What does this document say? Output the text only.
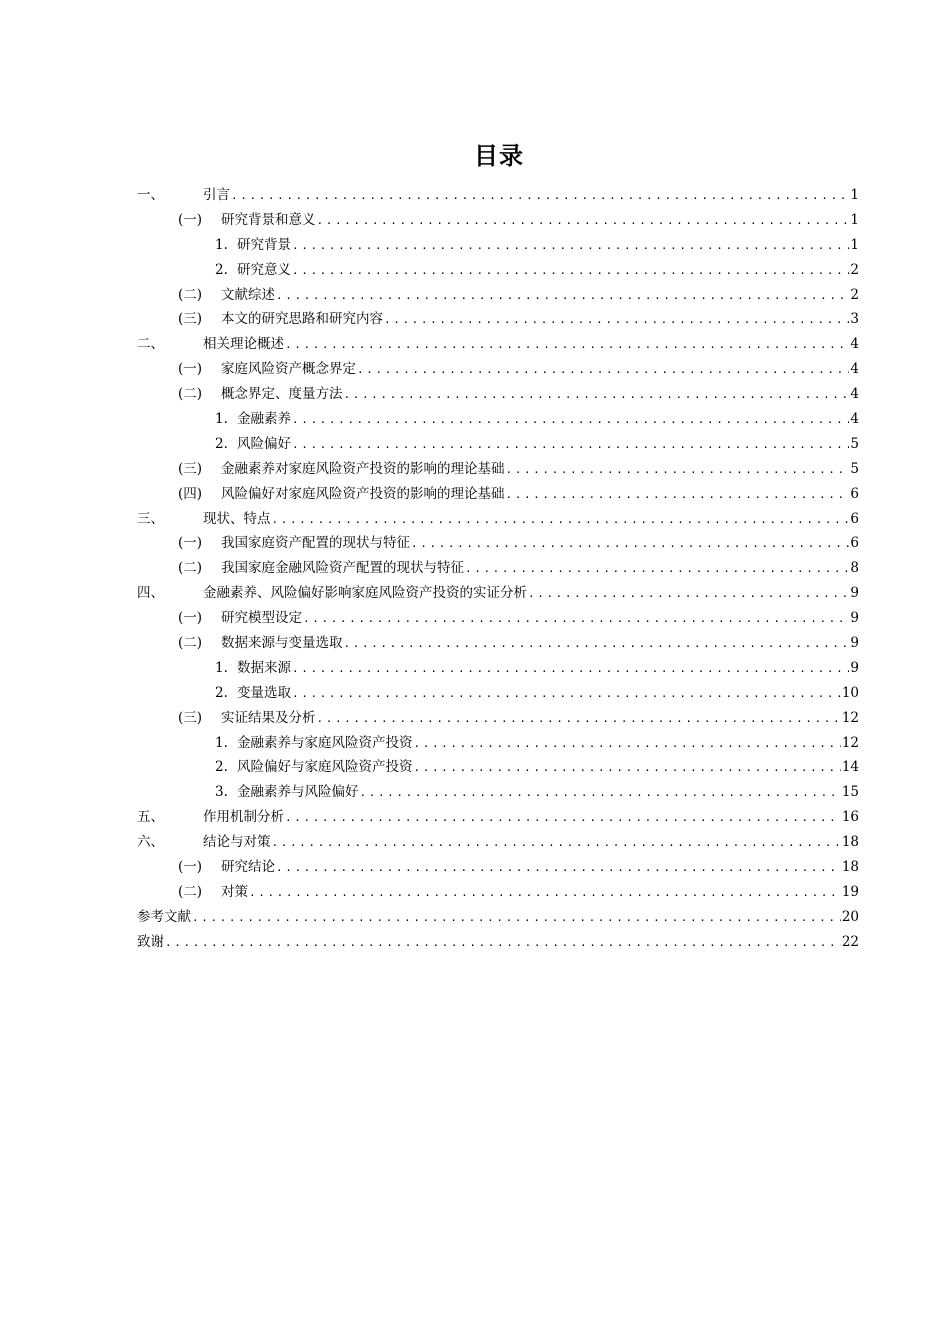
目录
一、	引言 .....	1
(一)	研究背景和意义 .....	1
1. 研究背景 .....	1
2. 研究意义 .....	2
(二)	文献综述 .....	2
(三)	本文的研究思路和研究内容 .....	3
二、	相关理论概述 .....	4
(一)	家庭风险资产概念界定 .....	4
(二)	概念界定、度量方法 .....	4
1. 金融素养 .....	4
2. 风险偏好 .....	5
(三)	金融素养对家庭风险资产投资的影响的理论基础 .....	5
(四)	风险偏好对家庭风险资产投资的影响的理论基础 .....	6
三、	现状、特点 .....	6
(一)	我国家庭资产配置的现状与特征 .....	6
(二)	我国家庭金融风险资产配置的现状与特征 .....	8
四、	金融素养、风险偏好影响家庭风险资产投资的实证分析 .....	9
(一)	研究模型设定 .....	9
(二)	数据来源与变量选取 .....	9
1. 数据来源 .....	9
2. 变量选取 .....	10
(三)	实证结果及分析 .....	12
1. 金融素养与家庭风险资产投资 .....	12
2. 风险偏好与家庭风险资产投资 .....	14
3. 金融素养与风险偏好 .....	15
五、	作用机制分析 .....	16
六、	结论与对策 .....	18
(一)	研究结论 .....	18
(二)	对策 .....	19
参考文献 .....	20
致谢 .....	22
